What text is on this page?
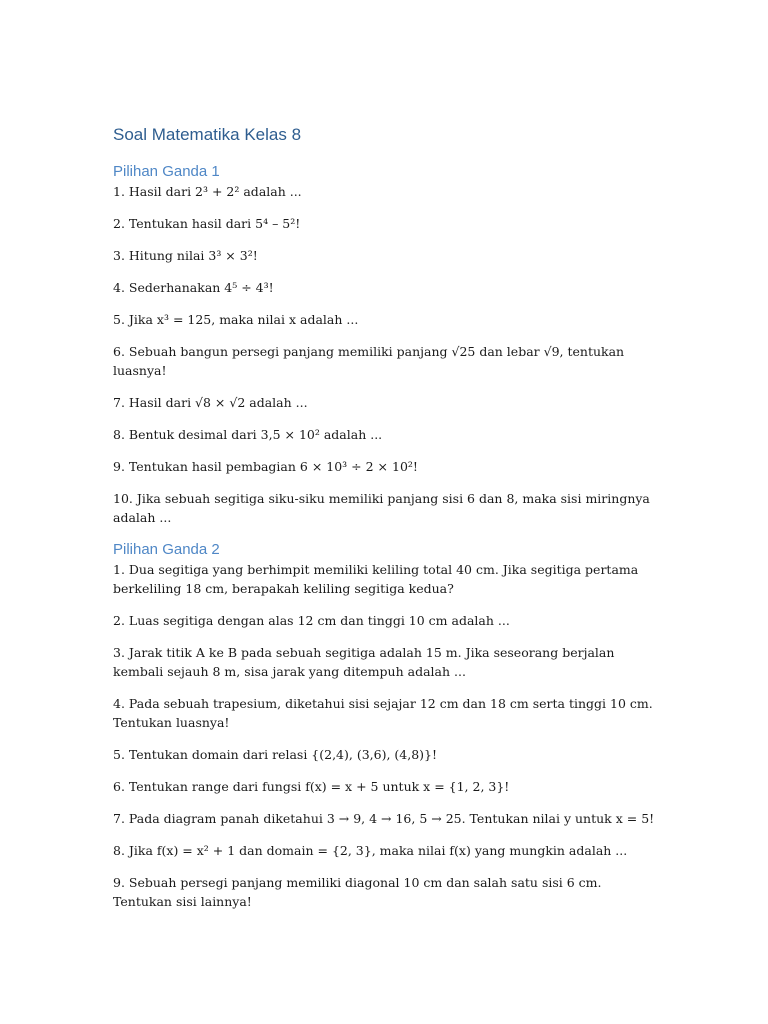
Soal Matematika Kelas 8
Pilihan Ganda 1

1. Hasil dari 2³ + 2² adalah ...

2. Tentukan hasil dari 5⁴ – 5²!

3. Hitung nilai 3³ × 3²!

4. Sederhanakan 4⁵ ÷ 4³!

5. Jika x³ = 125, maka nilai x adalah ...

6. Sebuah bangun persegi panjang memiliki panjang √25 dan lebar √9, tentukan luasnya!

7. Hasil dari √8 × √2 adalah ...

8. Bentuk desimal dari 3,5 × 10² adalah ...

9. Tentukan hasil pembagian 6 × 10³ ÷ 2 × 10²!

10. Jika sebuah segitiga siku-siku memiliki panjang sisi 6 dan 8, maka sisi miringnya adalah ...

Pilihan Ganda 2

1. Dua segitiga yang berhimpit memiliki keliling total 40 cm. Jika segitiga pertama berkeliling 18 cm, berapakah keliling segitiga kedua?

2. Luas segitiga dengan alas 12 cm dan tinggi 10 cm adalah ...

3. Jarak titik A ke B pada sebuah segitiga adalah 15 m. Jika seseorang berjalan kembali sejauh 8 m, sisa jarak yang ditempuh adalah ...

4. Pada sebuah trapesium, diketahui sisi sejajar 12 cm dan 18 cm serta tinggi 10 cm. Tentukan luasnya!

5. Tentukan domain dari relasi {(2,4), (3,6), (4,8)}!

6. Tentukan range dari fungsi f(x) = x + 5 untuk x = {1, 2, 3}!

7. Pada diagram panah diketahui 3 → 9, 4 → 16, 5 → 25. Tentukan nilai y untuk x = 5!

8. Jika f(x) = x² + 1 dan domain = {2, 3}, maka nilai f(x) yang mungkin adalah ...

9. Sebuah persegi panjang memiliki diagonal 10 cm dan salah satu sisi 6 cm. Tentukan sisi lainnya!
